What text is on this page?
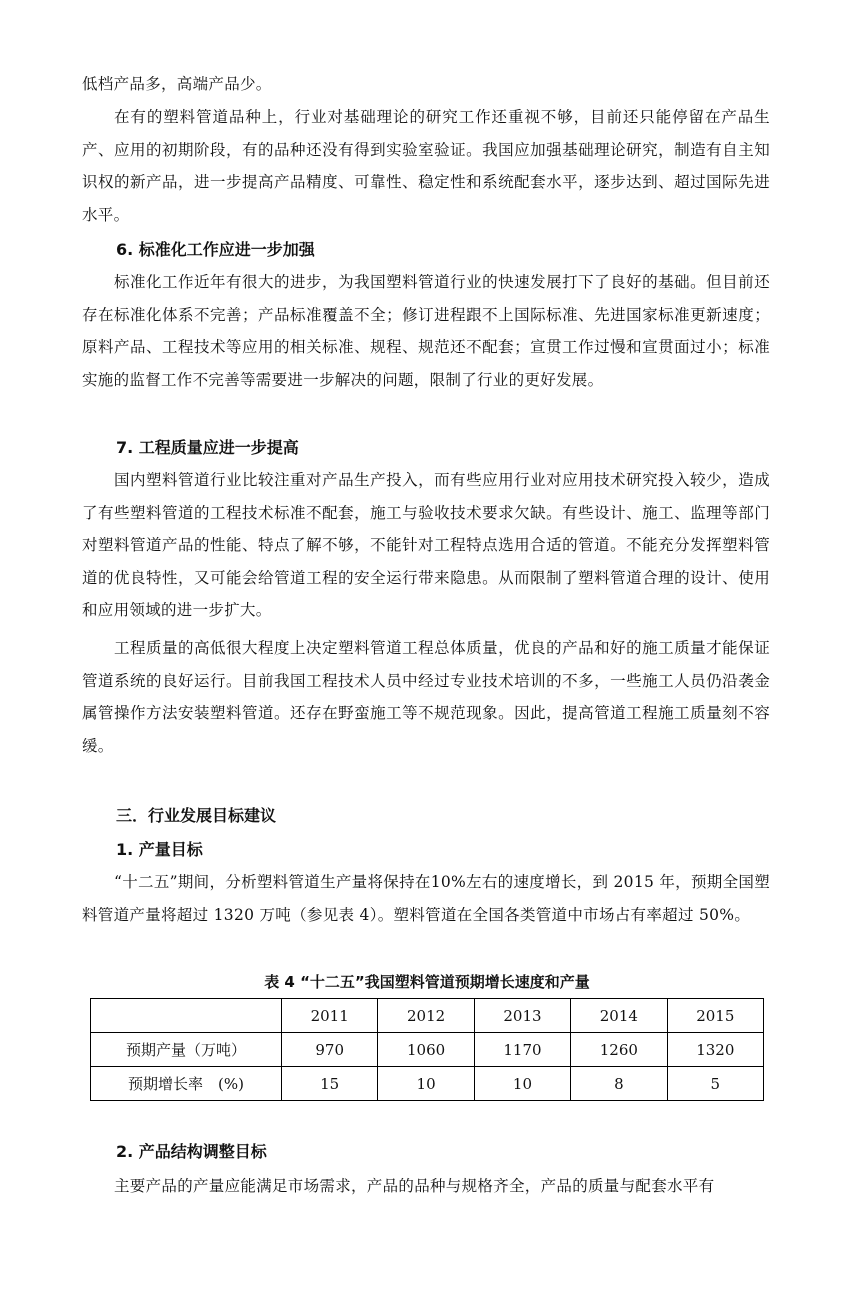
低档产品多，高端产品少。

在有的塑料管道品种上，行业对基础理论的研究工作还重视不够，目前还只能停留在产品生产、应用的初期阶段，有的品种还没有得到实验室验证。我国应加强基础理论研究，制造有自主知识权的新产品，进一步提高产品精度、可靠性、稳定性和系统配套水平，逐步达到、超过国际先进水平。

6. 标准化工作应进一步加强

标准化工作近年有很大的进步，为我国塑料管道行业的快速发展打下了良好的基础。但目前还存在标准化体系不完善；产品标准覆盖不全；修订进程跟不上国际标准、先进国家标准更新速度；原料产品、工程技术等应用的相关标准、规程、规范还不配套；宣贯工作过慢和宣贯面过小；标准实施的监督工作不完善等需要进一步解决的问题，限制了行业的更好发展。

7. 工程质量应进一步提高

国内塑料管道行业比较注重对产品生产投入，而有些应用行业对应用技术研究投入较少，造成了有些塑料管道的工程技术标准不配套，施工与验收技术要求欠缺。有些设计、施工、监理等部门对塑料管道产品的性能、特点了解不够，不能针对工程特点选用合适的管道。不能充分发挥塑料管道的优良特性，又可能会给管道工程的安全运行带来隐患。从而限制了塑料管道合理的设计、使用和应用领域的进一步扩大。

工程质量的高低很大程度上决定塑料管道工程总体质量，优良的产品和好的施工质量才能保证管道系统的良好运行。目前我国工程技术人员中经过专业技术培训的不多，一些施工人员仍沿袭金属管操作方法安装塑料管道。还存在野蛮施工等不规范现象。因此，提高管道工程施工质量刻不容缓。

三．行业发展目标建议
1. 产量目标

“十二五”期间，分析塑料管道生产量将保持在10%左右的速度增长，到 2015 年，预期全国塑料管道产量将超过 1320 万吨（参见表 4）。塑料管道在全国各类管道中市场占有率超过 50%。

表 4 “十二五”我国塑料管道预期增长速度和产量

	2011	2012	2013	2014	2015
预期产量（万吨）	970	1060	1170	1260	1320
预期增长率　(%)	15	10	10	8	5
2. 产品结构调整目标

主要产品的产量应能满足市场需求，产品的品种与规格齐全，产品的质量与配套水平有
